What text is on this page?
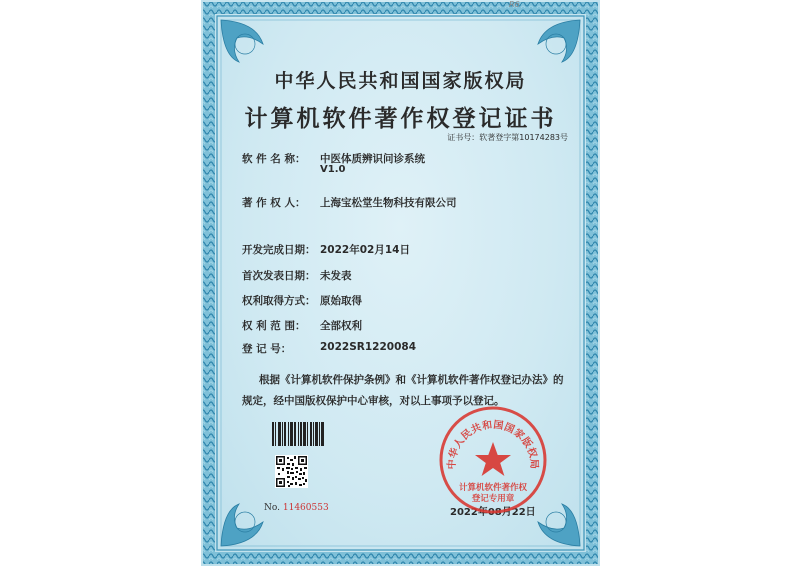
R6
中华人民共和国国家版权局
计算机软件著作权登记证书
证书号：软著登字第10174283号
软 件 名 称： 中医体质辨识问诊系统
V1.0
著 作 权 人： 上海宝松堂生物科技有限公司
开发完成日期： 2022年02月14日
首次发表日期： 未发表
权利取得方式： 原始取得
权 利 范 围： 全部权利
登 记 号：	2022SR1220084
根据《计算机软件保护条例》和《计算机软件著作权登记办法》的
规定，经中国版权保护中心审核，对以上事项予以登记。
No. 11460553	2022年08月22日
中华人民共和国国家版权局
计算机软件著作权
登记专用章
